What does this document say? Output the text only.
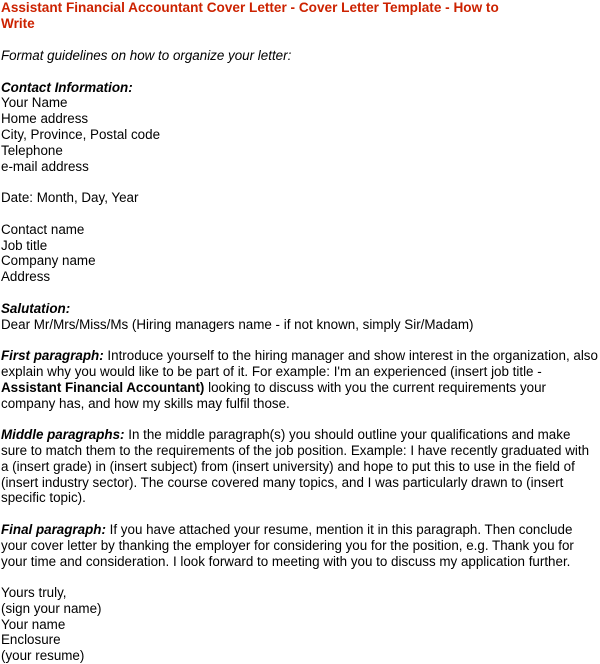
Assistant Financial Accountant Cover Letter - Cover Letter Template - How to
Write
Format guidelines on how to organize your letter:
Contact Information:
Your Name
Home address
City, Province, Postal code
Telephone
e-mail address
Date: Month, Day, Year
Contact name
Job title
Company name
Address
Salutation:
Dear Mr/Mrs/Miss/Ms (Hiring managers name - if not known, simply Sir/Madam)
First paragraph: Introduce yourself to the hiring manager and show interest in the organization, also explain why you would like to be part of it. For example: I'm an experienced (insert job title - Assistant Financial Accountant) looking to discuss with you the current requirements your company has, and how my skills may fulfil those.
Middle paragraphs: In the middle paragraph(s) you should outline your qualifications and make sure to match them to the requirements of the job position. Example: I have recently graduated with a (insert grade) in (insert subject) from (insert university) and hope to put this to use in the field of (insert industry sector). The course covered many topics, and I was particularly drawn to (insert specific topic).
Final paragraph: If you have attached your resume, mention it in this paragraph. Then conclude your cover letter by thanking the employer for considering you for the position, e.g. Thank you for your time and consideration. I look forward to meeting with you to discuss my application further.
Yours truly,
(sign your name)
Your name
Enclosure
(your resume)
